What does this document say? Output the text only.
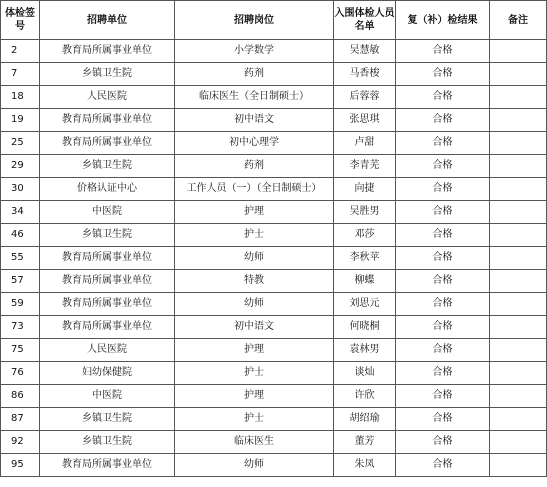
体检签号	招聘单位	招聘岗位	入围体检人员名单	复（补）检结果	备注
2	教育局所属事业单位	小学数学	吴慧敏	合格	
7	乡镇卫生院	药剂	马香梭	合格	
18	人民医院	临床医生（全日制硕士）	后蓉蓉	合格	
19	教育局所属事业单位	初中语文	张思琪	合格	
25	教育局所属事业单位	初中心理学	卢甜	合格	
29	乡镇卫生院	药剂	李青芜	合格	
30	价格认证中心	工作人员（一）（全日制硕士）	向捷	合格	
34	中医院	护理	吴胜男	合格	
46	乡镇卫生院	护士	邓莎	合格	
55	教育局所属事业单位	幼师	李秋苹	合格	
57	教育局所属事业单位	特教	柳蝶	合格	
59	教育局所属事业单位	幼师	刘思元	合格	
73	教育局所属事业单位	初中语文	何晓桐	合格	
75	人民医院	护理	袁林男	合格	
76	妇幼保健院	护士	谈灿	合格	
86	中医院	护理	许欣	合格	
87	乡镇卫生院	护士	胡绍瑜	合格	
92	乡镇卫生院	临床医生	董芳	合格	
95	教育局所属事业单位	幼师	朱凤	合格	
